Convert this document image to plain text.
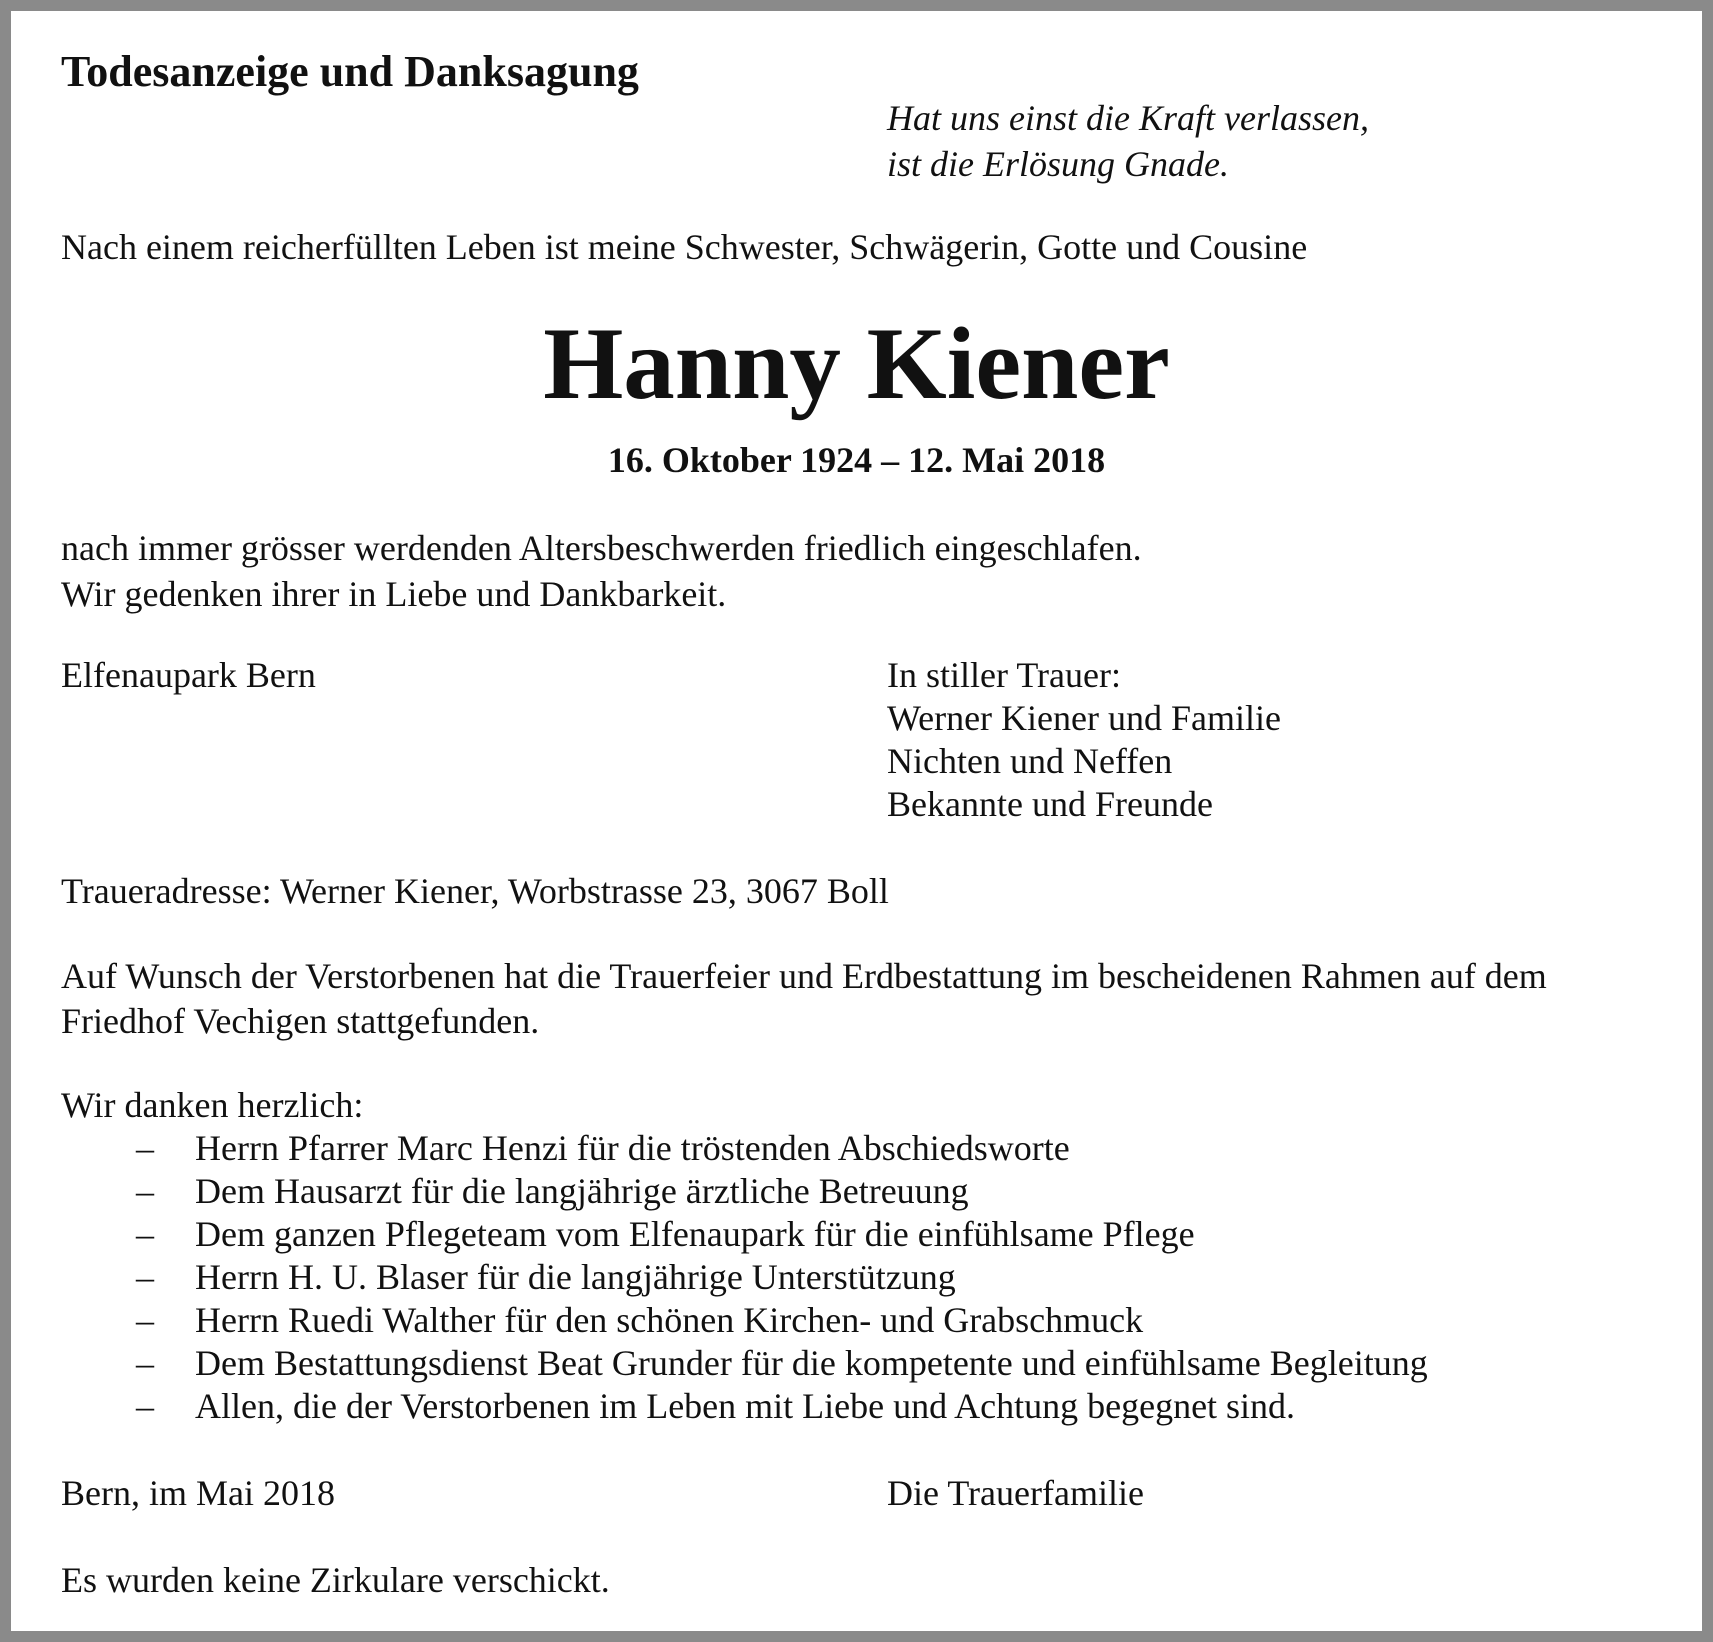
Todesanzeige und Danksagung
Hat uns einst die Kraft verlassen,
ist die Erlösung Gnade.
Nach einem reicherfüllten Leben ist meine Schwester, Schwägerin, Gotte und Cousine
Hanny Kiener
16. Oktober 1924 – 12. Mai 2018
nach immer grösser werdenden Altersbeschwerden friedlich eingeschlafen.
Wir gedenken ihrer in Liebe und Dankbarkeit.
Elfenaupark Bern	In stiller Trauer:
Werner Kiener und Familie
Nichten und Neffen
Bekannte und Freunde
Traueradresse: Werner Kiener, Worbstrasse 23, 3067 Boll
Auf Wunsch der Verstorbenen hat die Trauerfeier und Erdbestattung im bescheidenen Rahmen auf dem
Friedhof Vechigen stattgefunden.
Wir danken herzlich:
– Herrn Pfarrer Marc Henzi für die tröstenden Abschiedsworte
– Dem Hausarzt für die langjährige ärztliche Betreuung
– Dem ganzen Pflegeteam vom Elfenaupark für die einfühlsame Pflege
– Herrn H. U. Blaser für die langjährige Unterstützung
– Herrn Ruedi Walther für den schönen Kirchen- und Grabschmuck
– Dem Bestattungsdienst Beat Grunder für die kompetente und einfühlsame Begleitung
– Allen, die der Verstorbenen im Leben mit Liebe und Achtung begegnet sind.
Bern, im Mai 2018	Die Trauerfamilie
Es wurden keine Zirkulare verschickt.
